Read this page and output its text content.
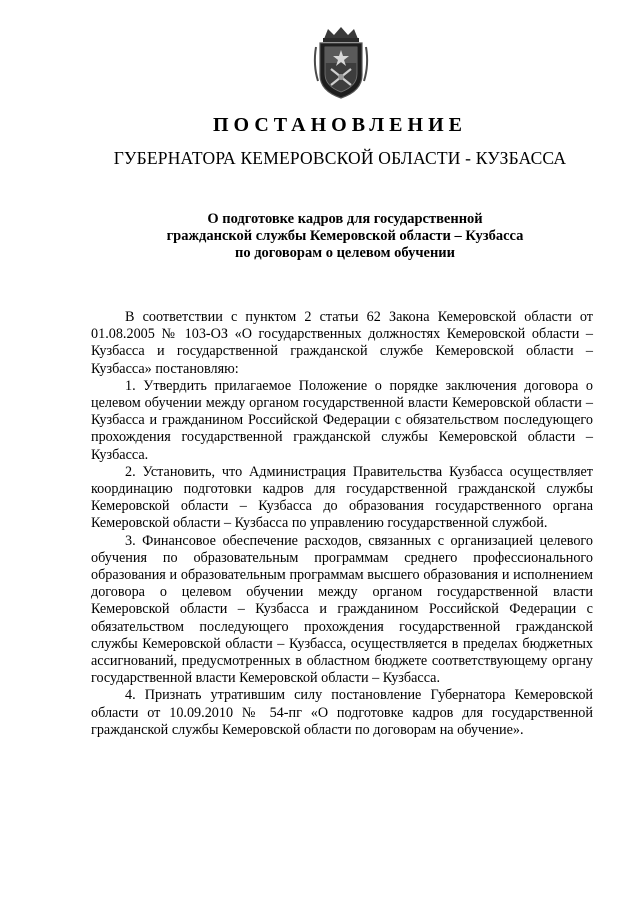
ПОСТАНОВЛЕНИЕ
ГУБЕРНАТОРА КЕМЕРОВСКОЙ ОБЛАСТИ - КУЗБАССА
О подготовке кадров для государственной
гражданской службы Кемеровской области – Кузбасса
по договорам о целевом обучении

В соответствии с пунктом 2 статьи 62 Закона Кемеровской области от 01.08.2005 № 103-ОЗ «О государственных должностях Кемеровской области – Кузбасса и государственной гражданской службе Кемеровской области – Кузбасса» постановляю:

1. Утвердить прилагаемое Положение о порядке заключения договора о целевом обучении между органом государственной власти Кемеровской области – Кузбасса и гражданином Российской Федерации с обязательством последующего прохождения государственной гражданской службы Кемеровской области – Кузбасса.

2. Установить, что Администрация Правительства Кузбасса осуществляет координацию подготовки кадров для государственной гражданской службы Кемеровской области – Кузбасса до образования государственного органа Кемеровской области – Кузбасса по управлению государственной службой.

3. Финансовое обеспечение расходов, связанных с организацией целевого обучения по образовательным программам среднего профессионального образования и образовательным программам высшего образования и исполнением договора о целевом обучении между органом государственной власти Кемеровской области – Кузбасса и гражданином Российской Федерации с обязательством последующего прохождения государственной гражданской службы Кемеровской области – Кузбасса, осуществляется в пределах бюджетных ассигнований, предусмотренных в областном бюджете соответствующему органу государственной власти Кемеровской области – Кузбасса.

4. Признать утратившим силу постановление Губернатора Кемеровской области от 10.09.2010 № 54-пг «О подготовке кадров для государственной гражданской службы Кемеровской области по договорам на обучение».
